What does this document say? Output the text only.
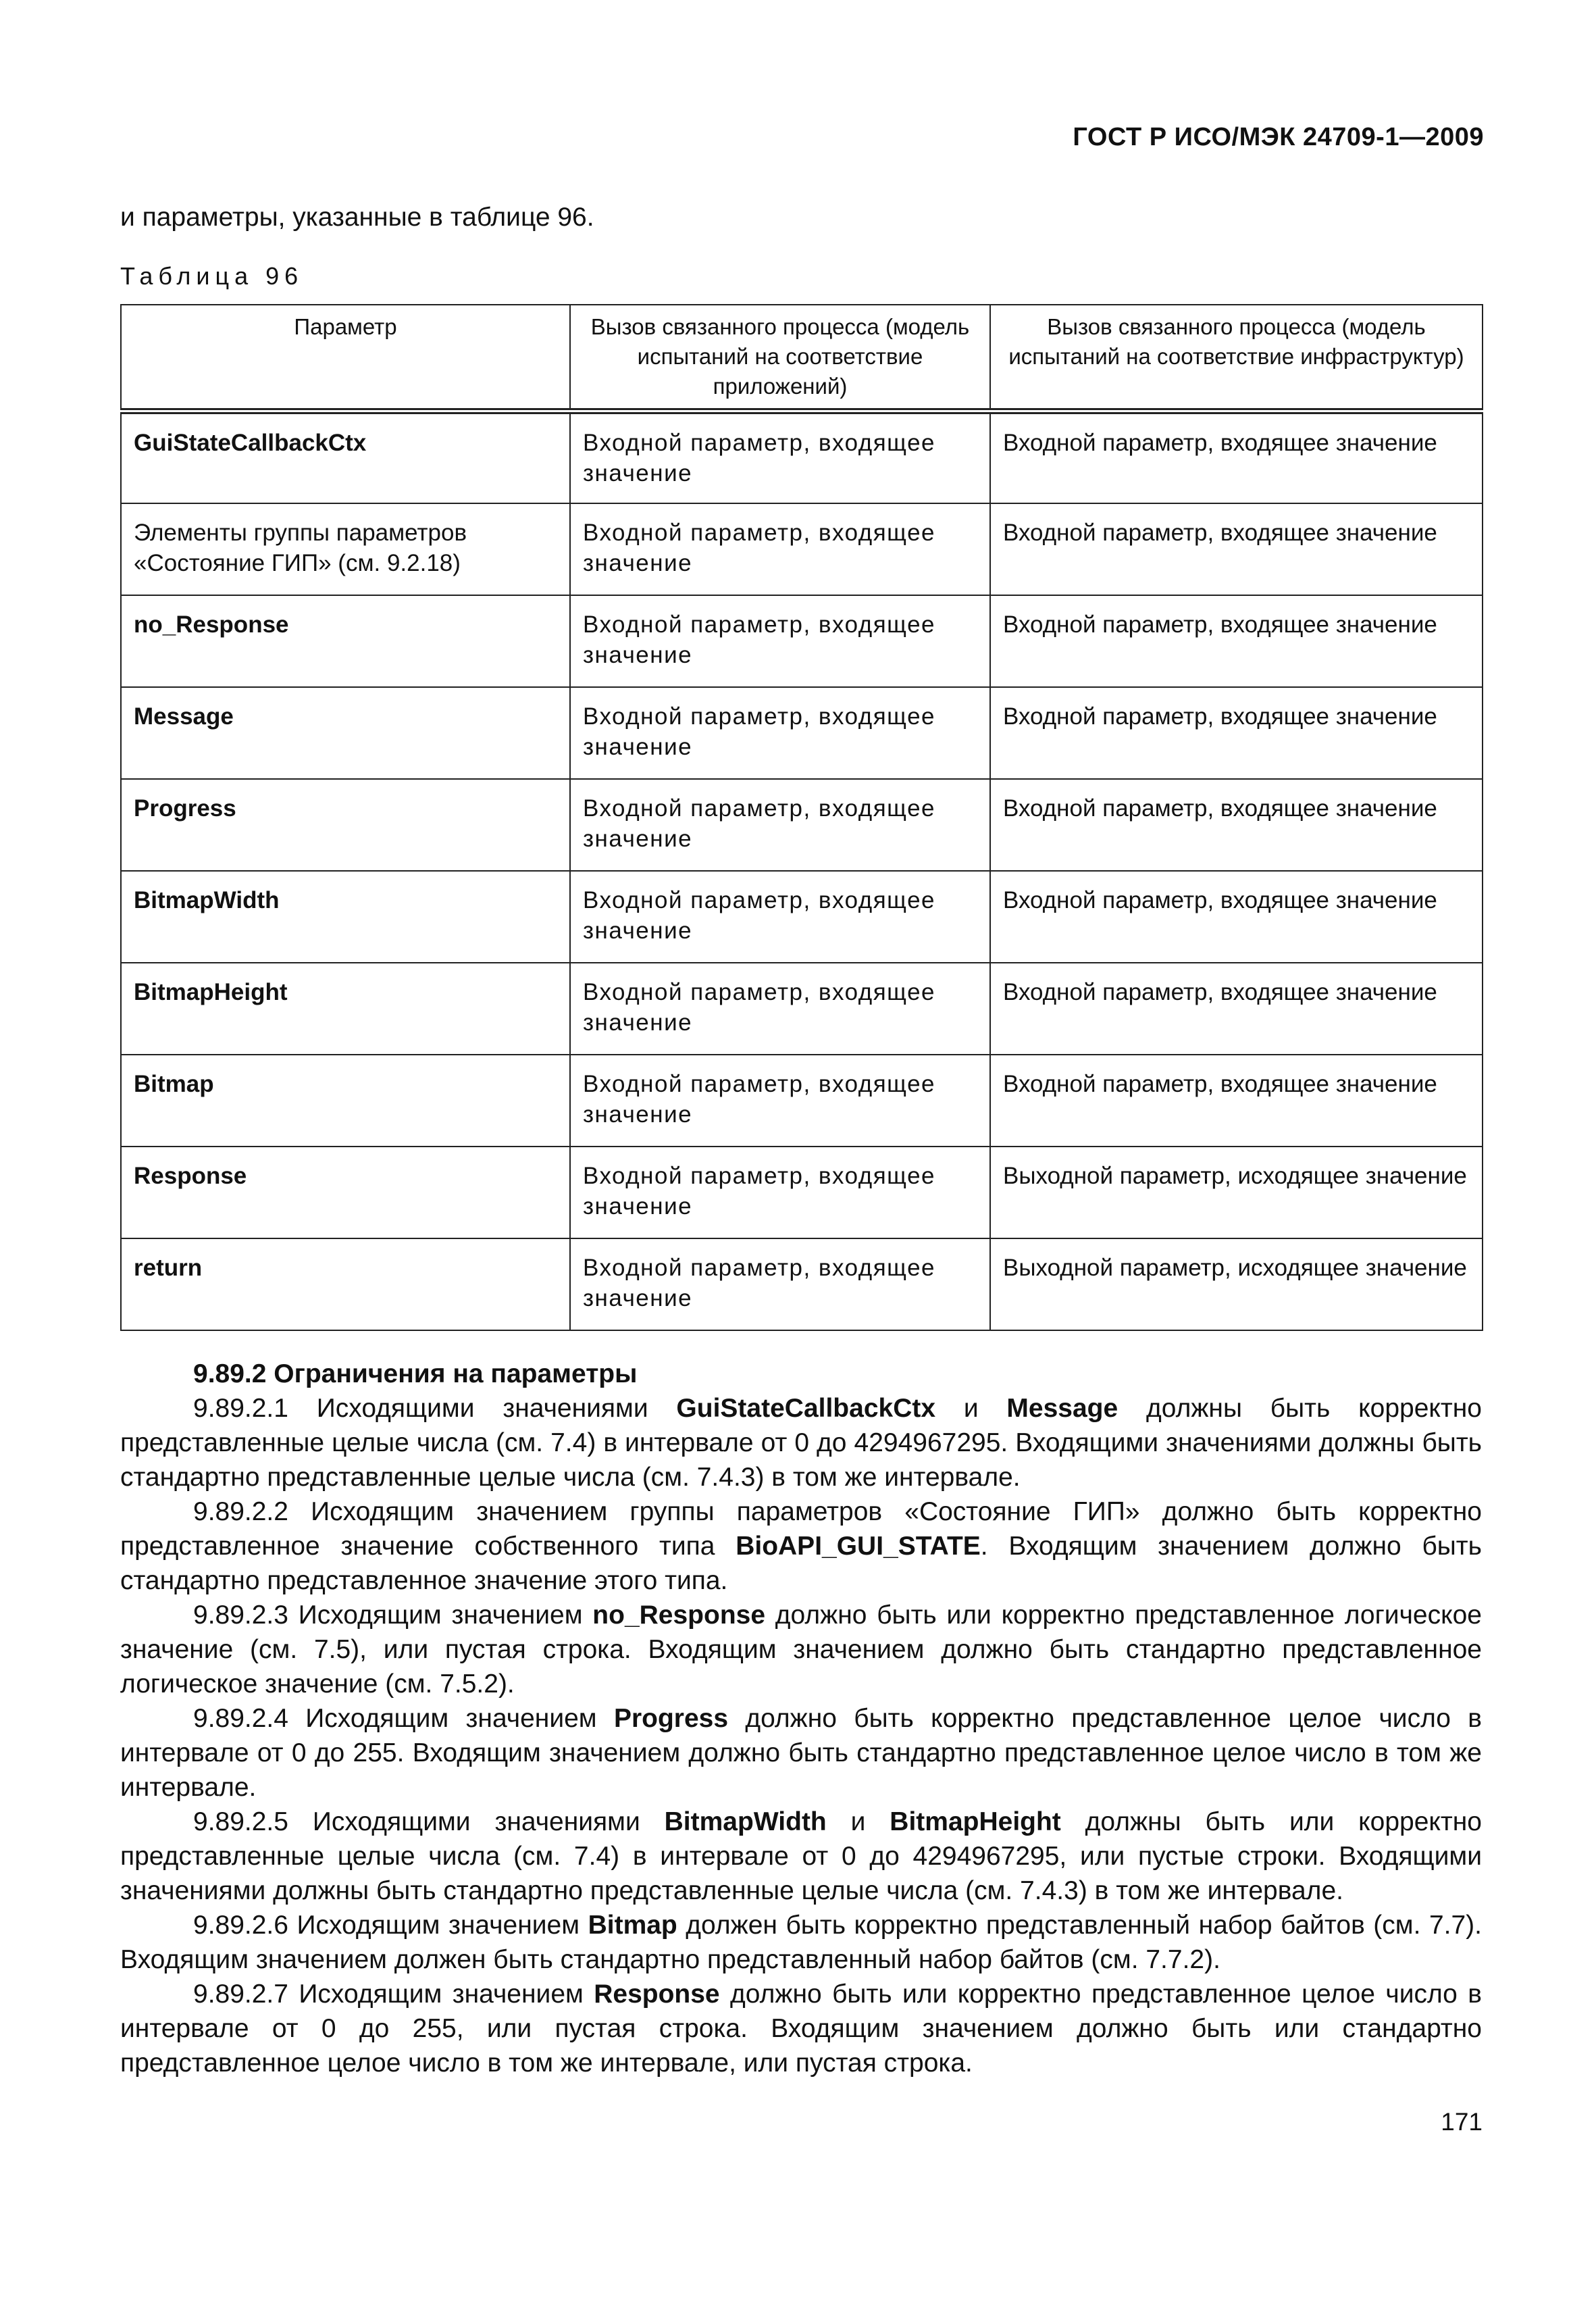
ГОСТ Р ИСО/МЭК 24709-1—2009
и параметры, указанные в таблице 96.
Таблица 96
Параметр	Вызов связанного процесса (модель испытаний на соответствие приложений)	Вызов связанного процесса (модель испытаний на соответствие инфраструктур)
GuiStateCallbackCtx	Входной параметр, входящее значение	Входной параметр, входящее значение
Элементы группы параметров «Состояние ГИП» (см. 9.2.18)	Входной параметр, входящее значение	Входной параметр, входящее значение
no_Response	Входной параметр, входящее значение	Входной параметр, входящее значение
Message	Входной параметр, входящее значение	Входной параметр, входящее значение
Progress	Входной параметр, входящее значение	Входной параметр, входящее значение
BitmapWidth	Входной параметр, входящее значение	Входной параметр, входящее значение
BitmapHeight	Входной параметр, входящее значение	Входной параметр, входящее значение
Bitmap	Входной параметр, входящее значение	Входной параметр, входящее значение
Response	Входной параметр, входящее значение	Выходной параметр, исходящее значение
return	Входной параметр, входящее значение	Выходной параметр, исходящее значение

9.89.2 Ограничения на параметры

9.89.2.1 Исходящими значениями GuiStateCallbackCtx и Message должны быть корректно представленные целые числа (см. 7.4) в интервале от 0 до 4294967295. Входящими значениями должны быть стандартно представленные целые числа (см. 7.4.3) в том же интервале.

9.89.2.2 Исходящим значением группы параметров «Состояние ГИП» должно быть корректно представленное значение собственного типа BioAPI_GUI_STATE. Входящим значением должно быть стандартно представленное значение этого типа.

9.89.2.3 Исходящим значением no_Response должно быть или корректно представленное логическое значение (см. 7.5), или пустая строка. Входящим значением должно быть стандартно представленное логическое значение (см. 7.5.2).

9.89.2.4 Исходящим значением Progress должно быть корректно представленное целое число в интервале от 0 до 255. Входящим значением должно быть стандартно представленное целое число в том же интервале.

9.89.2.5 Исходящими значениями BitmapWidth и BitmapHeight должны быть или корректно представленные целые числа (см. 7.4) в интервале от 0 до 4294967295, или пустые строки. Входящими значениями должны быть стандартно представленные целые числа (см. 7.4.3) в том же интервале.

9.89.2.6 Исходящим значением Bitmap должен быть корректно представленный набор байтов (см. 7.7). Входящим значением должен быть стандартно представленный набор байтов (см. 7.7.2).

9.89.2.7 Исходящим значением Response должно быть или корректно представленное целое число в интервале от 0 до 255, или пустая строка. Входящим значением должно быть или стандартно представленное целое число в том же интервале, или пустая строка.

171
